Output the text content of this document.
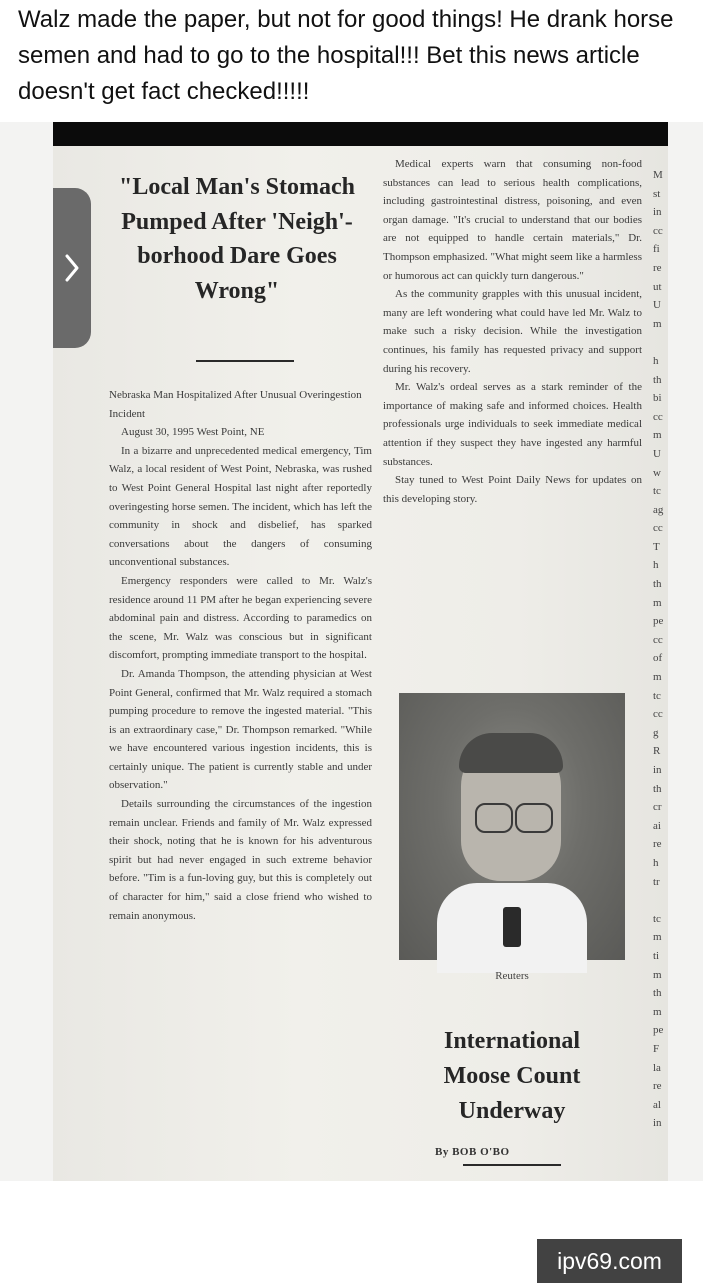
Walz made the paper, but not for good things! He drank horse semen and had to go to the hospital!!! Bet this news article doesn't get fact checked!!!!!
"Local Man's Stomach Pumped After 'Neigh'-borhood Dare Goes Wrong"

Nebraska Man Hospitalized After Unusual Overingestion Incident

August 30, 1995 West Point, NE

In a bizarre and unprecedented medical emergency, Tim Walz, a local resident of West Point, Nebraska, was rushed to West Point General Hospital last night after reportedly overingesting horse semen. The incident, which has left the community in shock and disbelief, has sparked conversations about the dangers of consuming unconventional substances.

Emergency responders were called to Mr. Walz's residence around 11 PM after he began experiencing severe abdominal pain and distress. According to paramedics on the scene, Mr. Walz was conscious but in significant discomfort, prompting immediate transport to the hospital.

Dr. Amanda Thompson, the attending physician at West Point General, confirmed that Mr. Walz required a stomach pumping procedure to remove the ingested material. "This is an extraordinary case," Dr. Thompson remarked. "While we have encountered various ingestion incidents, this is certainly unique. The patient is currently stable and under observation."

Details surrounding the circumstances of the ingestion remain unclear. Friends and family of Mr. Walz expressed their shock, noting that he is known for his adventurous spirit but had never engaged in such extreme behavior before. "Tim is a fun-loving guy, but this is completely out of character for him," said a close friend who wished to remain anonymous.

Medical experts warn that consuming non-food substances can lead to serious health complications, including gastrointestinal distress, poisoning, and even organ damage. "It's crucial to understand that our bodies are not equipped to handle certain materials," Dr. Thompson emphasized. "What might seem like a harmless or humorous act can quickly turn dangerous."

As the community grapples with this unusual incident, many are left wondering what could have led Mr. Walz to make such a risky decision. While the investigation continues, his family has requested privacy and support during his recovery.

Mr. Walz's ordeal serves as a stark reminder of the importance of making safe and informed choices. Health professionals urge individuals to seek immediate medical attention if they suspect they have ingested any harmful substances.

Stay tuned to West Point Daily News for updates on this developing story.

M
st
in
cc
fi
re
ut
U
m

h
th
bi
cc
m
U
w
tc
ag
cc
T
h
th
m
pe
cc
of
m
tc
cc
g
R
in
th
cr
ai
re
h
tr

tc
m
ti
m
th
m
pe
F
la
re
al
in
Reuters
International Moose Count Underway
By BOB O'BO
ipv69.com
